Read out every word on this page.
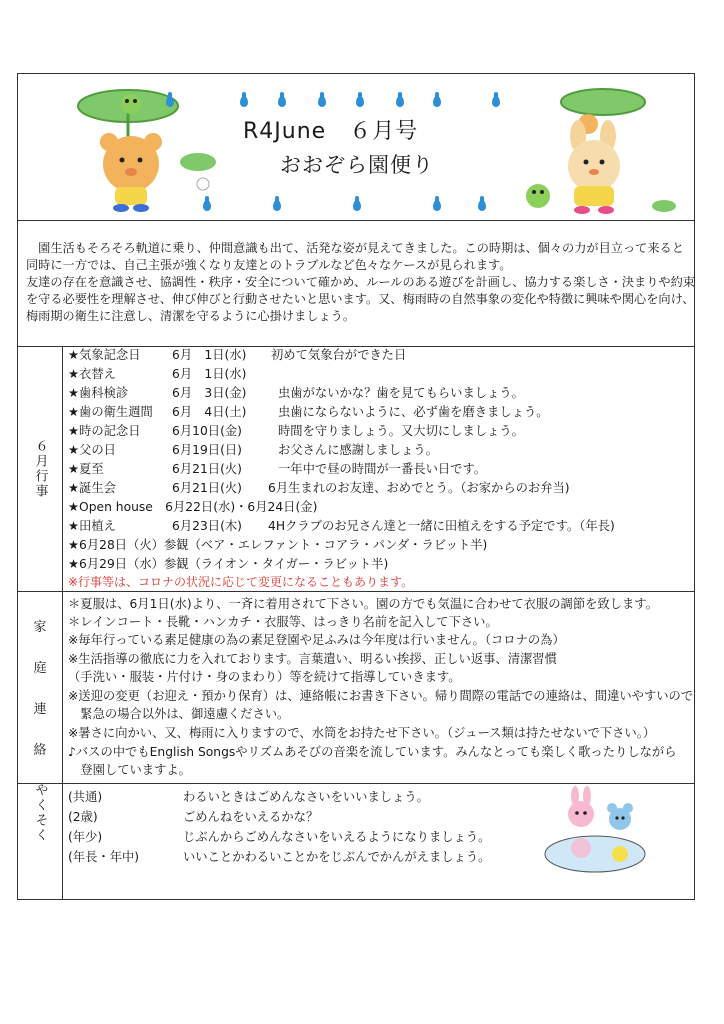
R4June　６月号
おおぞら園便り

　園生活もそろそろ軌道に乗り、仲間意識も出て、活発な姿が見えてきました。この時期は、個々の力が目立って来ると

同時に一方では、自己主張が強くなり友達とのトラブルなど色々なケースが見られます。

友達の存在を意識させ、協調性・秩序・安全について確かめ、ルールのある遊びを計画し、協力する楽しさ・決まりや約束

を守る必要性を理解させ、伸び伸びと行動させたいと思います。又、梅雨時の自然事象の変化や特徴に興味や関心を向け、

梅雨期の衛生に注意し、清潔を守るように心掛けましょう。

６月行事
★気象記念日	6月　1日(水) 初めて気象台ができた日
★衣替え	6月　1日(水)
★歯科検診	6月　3日(金)	虫歯がないかな？歯を見てもらいましょう。
★歯の衛生週間 6月　4日(土)	虫歯にならないように、必ず歯を磨きましょう。
★時の記念日	6月10日(金)	時間を守りましょう。又大切にしましょう。
★父の日	6月19日(日)	お父さんに感謝しましょう。
★夏至	6月21日(火)	一年中で昼の時間が一番長い日です。
★誕生会	6月21日(火) 6月生まれのお友達、おめでとう。（お家からのお弁当)
★Open house　6月22日(水)・6月24日(金)
★田植え	6月23日(木) 4Hクラブのお兄さん達と一緒に田植えをする予定です。（年長)
★6月28日（火）参観（ベア・エレファント・コアラ・パンダ・ラビット半)
★6月29日（水）参観（ライオン・タイガー・ラビット半)
※行事等は、コロナの状況に応じて変更になることもあります。
家
庭
連
絡
＊夏服は、6月1日(水)より、一斉に着用されて下さい。園の方でも気温に合わせて衣服の調節を致します。
＊レインコート・長靴・ハンカチ・衣服等、はっきり名前を記入して下さい。
※毎年行っている素足健康の為の素足登園や足ふみは今年度は行いません。（コロナの為）
※生活指導の徹底に力を入れております。言葉遣い、明るい挨拶、正しい返事、清潔習慣
（手洗い・服装・片付け・身のまわり）等を続けて指導していきます。
※送迎の変更（お迎え・預かり保育）は、連絡帳にお書き下さい。帰り間際の電話での連絡は、間違いやすいので
　緊急の場合以外は、御遠慮ください。
※暑さに向かい、又、梅雨に入りますので、水筒をお持たせ下さい。（ジュース類は持たせないで下さい。）
♪バスの中でもEnglish Songsやリズムあそびの音楽を流しています。みんなとっても楽しく歌ったりしながら
　登園していますよ。
やくそく (共通)	わるいときはごめんなさいをいいましょう。
(2歳)	ごめんねをいえるかな？
(年少)	じぶんからごめんなさいをいえるようになりましょう。
(年長・年中)	いいことかわるいことかをじぶんでかんがえましょう。
